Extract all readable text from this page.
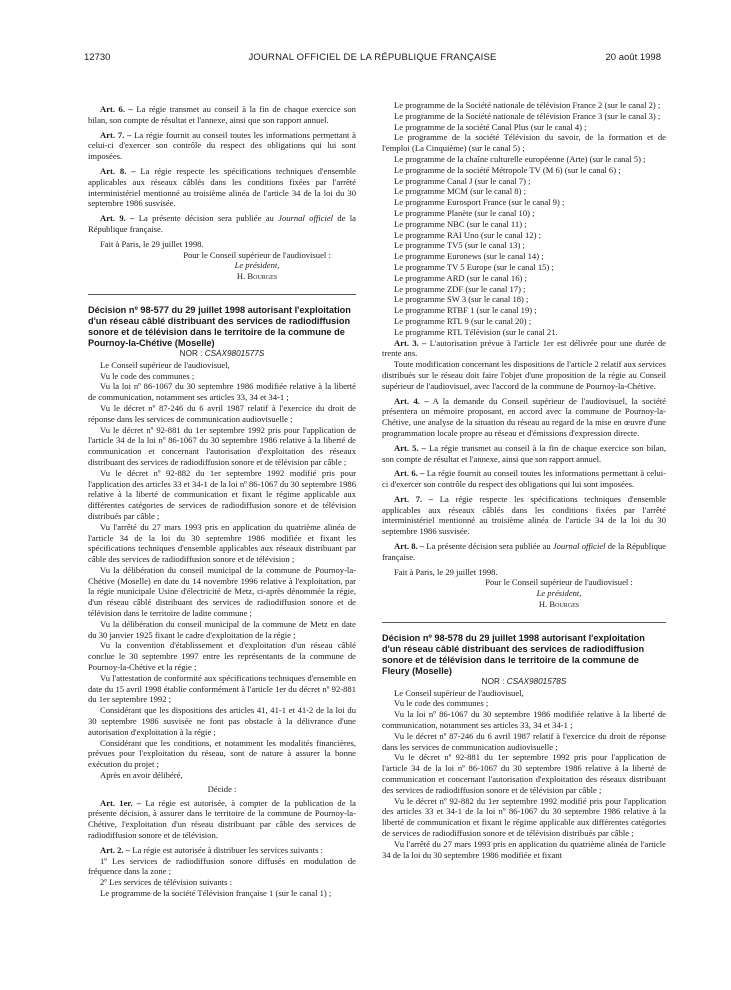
12730	JOURNAL OFFICIEL DE LA RÉPUBLIQUE FRANÇAISE	20 août 1998

Art. 6. – La régie transmet au conseil à la fin de chaque exercice son bilan, son compte de résultat et l'annexe, ainsi que son rapport annuel.

Art. 7. – La régie fournit au conseil toutes les informations permettant à celui-ci d'exercer son contrôle du respect des obligations qui lui sont imposées.

Art. 8. – La régie respecte les spécifications techniques d'ensemble applicables aux réseaux câblés dans les conditions fixées par l'arrêté interministériel mentionné au troisième alinéa de l'article 34 de la loi du 30 septembre 1986 susvisée.

Art. 9. – La présente décision sera publiée au Journal officiel de la République française.

Fait à Paris, le 29 juillet 1998.

Pour le Conseil supérieur de l'audiovisuel :

Le président,

H. Bourges

Décision nº 98-577 du 29 juillet 1998 autorisant l'exploitation d'un réseau câblé distribuant des services de radiodiffusion sonore et de télévision dans le territoire de la commune de Pournoy-la-Chétive (Moselle)

NOR : CSAX9801577S

Le Conseil supérieur de l'audiovisuel,

Vu le code des communes ;

Vu la loi nº 86-1067 du 30 septembre 1986 modifiée relative à la liberté de communication, notamment ses articles 33, 34 et 34-1 ;

Vu le décret nº 87-246 du 6 avril 1987 relatif à l'exercice du droit de réponse dans les services de communication audiovisuelle ;

Vu le décret nº 92-881 du 1er septembre 1992 pris pour l'application de l'article 34 de la loi nº 86-1067 du 30 septembre 1986 relative à la liberté de communication et concernant l'autorisation d'exploitation des réseaux distribuant des services de radiodiffusion sonore et de télévision par câble ;

Vu le décret nº 92-882 du 1er septembre 1992 modifié pris pour l'application des articles 33 et 34-1 de la loi nº 86-1067 du 30 septembre 1986 relative à la liberté de communication et fixant le régime applicable aux différentes catégories de services de radiodiffusion sonore et de télévision distribués par câble ;

Vu l'arrêté du 27 mars 1993 pris en application du quatrième alinéa de l'article 34 de la loi du 30 septembre 1986 modifiée et fixant les spécifications techniques d'ensemble applicables aux réseaux distribuant par câble des services de radiodiffusion sonore et de télévision ;

Vu la délibération du conseil municipal de la commune de Pournoy-la-Chétive (Moselle) en date du 14 novembre 1996 relative à l'exploitation, par la régie municipale Usine d'électricité de Metz, ci-après dénommée la régie, d'un réseau câblé distribuant des services de radiodiffusion sonore et de télévision dans le territoire de ladite commune ;

Vu la délibération du conseil municipal de la commune de Metz en date du 30 janvier 1925 fixant le cadre d'exploitation de la régie ;

Vu la convention d'établissement et d'exploitation d'un réseau câblé conclue le 30 septembre 1997 entre les représentants de la commune de Pournoy-la-Chétive et la régie ;

Vu l'attestation de conformité aux spécifications techniques d'ensemble en date du 15 avril 1998 établie conformément à l'article 1er du décret nº 92-881 du 1er septembre 1992 ;

Considérant que les dispositions des articles 41, 41-1 et 41-2 de la loi du 30 septembre 1986 susvisée ne font pas obstacle à la délivrance d'une autorisation d'exploitation à la régie ;

Considérant que les conditions, et notamment les modalités financières, prévues pour l'exploitation du réseau, sont de nature à assurer la bonne exécution du projet ;

Après en avoir délibéré,

Décide :

Art. 1er. – La régie est autorisée, à compter de la publication de la présente décision, à assurer dans le territoire de la commune de Pournoy-la-Chétive, l'exploitation d'un réseau distribuant par câble des services de radiodiffusion sonore et de télévision.

Art. 2. – La régie est autorisée à distribuer les services suivants :

1º Les services de radiodiffusion sonore diffusés en modulation de fréquence dans la zone ;

2º Les services de télévision suivants :

Le programme de la société Télévision française 1 (sur le canal 1) ;

Le programme de la Société nationale de télévision France 2 (sur le canal 2) ;

Le programme de la Société nationale de télévision France 3 (sur le canal 3) ;

Le programme de la société Canal Plus (sur le canal 4) ;

Le programme de la société Télévision du savoir, de la formation et de l'emploi (La Cinquième) (sur le canal 5) ;

Le programme de la chaîne culturelle européenne (Arte) (sur le canal 5) ;

Le programme de la société Métropole TV (M 6) (sur le canal 6) ;

Le programme Canal J (sur le canal 7) ;

Le programme MCM (sur le canal 8) ;

Le programme Eurosport France (sur le canal 9) ;

Le programme Planète (sur le canal 10) ;

Le programme NBC (sur le canal 11) ;

Le programme RAI Uno (sur le canal 12) ;

Le programme TV5 (sur le canal 13) ;

Le programme Euronews (sur le canal 14) ;

Le programme TV 5 Europe (sur le canal 15) ;

Le programme ARD (sur le canal 16) ;

Le programme ZDF (sur le canal 17) ;

Le programme SW 3 (sur le canal 18) ;

Le programme RTBF 1 (sur le canal 19) ;

Le programme RTL 9 (sur le canal 20) ;

Le programme RTL Télévision (sur le canal 21.

Art. 3. – L'autorisation prévue à l'article 1er est délivrée pour une durée de trente ans.

Toute modification concernant les dispositions de l'article 2 relatif aux services distribués sur le réseau doit faire l'objet d'une proposition de la régie au Conseil supérieur de l'audiovisuel, avec l'accord de la commune de Pournoy-la-Chétive.

Art. 4. – A la demande du Conseil supérieur de l'audiovisuel, la société présentera un mémoire proposant, en accord avec la commune de Pournoy-la-Chétive, une analyse de la situation du réseau au regard de la mise en œuvre d'une programmation locale propre au réseau et d'émissions d'expression directe.

Art. 5. – La régie transmet au conseil à la fin de chaque exercice son bilan, son compte de résultat et l'annexe, ainsi que son rapport annuel.

Art. 6. – La régie fournit au conseil toutes les informations permettant à celui-ci d'exercer son contrôle du respect des obligations qui lui sont imposées.

Art. 7. – La régie respecte les spécifications techniques d'ensemble applicables aux réseaux câblés dans les conditions fixées par l'arrêté interministériel mentionné au troisième alinéa de l'article 34 de la loi du 30 septembre 1986 susvisée.

Art. 8. – La présente décision sera publiée au Journal officiel de la République française.

Fait à Paris, le 29 juillet 1998.

Pour le Conseil supérieur de l'audiovisuel :

Le président,

H. Bourges

Décision nº 98-578 du 29 juillet 1998 autorisant l'exploitation d'un réseau câblé distribuant des services de radiodiffusion sonore et de télévision dans le territoire de la commune de Fleury (Moselle)

NOR : CSAX9801578S

Le Conseil supérieur de l'audiovisuel,

Vu le code des communes ;

Vu la loi nº 86-1067 du 30 septembre 1986 modifiée relative à la liberté de communication, notamment ses articles 33, 34 et 34-1 ;

Vu le décret nº 87-246 du 6 avril 1987 relatif à l'exercice du droit de réponse dans les services de communication audiovisuelle ;

Vu le décret nº 92-881 du 1er septembre 1992 pris pour l'application de l'article 34 de la loi nº 86-1067 du 30 septembre 1986 relative à la liberté de communication et concernant l'autorisation d'exploitation des réseaux distribuant des services de radiodiffusion sonore et de télévision par câble ;

Vu le décret nº 92-882 du 1er septembre 1992 modifié pris pour l'application des articles 33 et 34-1 de la loi nº 86-1067 du 30 septembre 1986 relative à la liberté de communication et fixant le régime applicable aux différentes catégories de services de radiodiffusion sonore et de télévision distribués par câble ;

Vu l'arrêté du 27 mars 1993 pris en application du quatrième alinéa de l'article 34 de la loi du 30 septembre 1986 modifiée et fixant
